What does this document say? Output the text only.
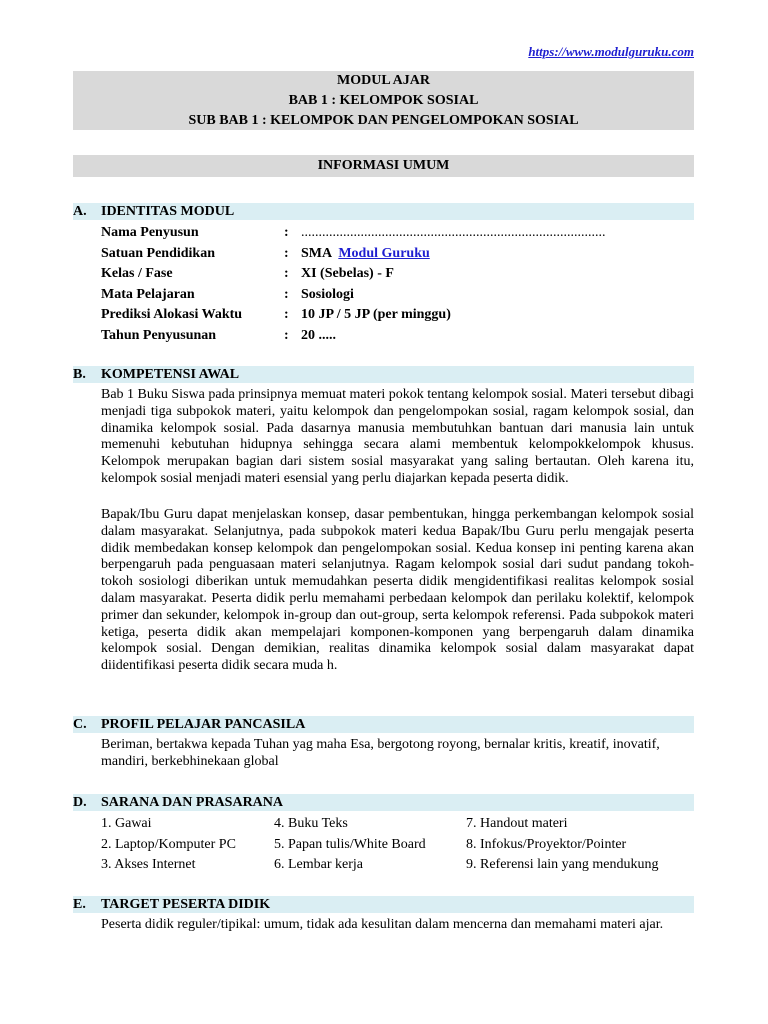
https://www.modulguruku.com
MODUL AJAR
BAB 1 : KELOMPOK SOSIAL
SUB BAB 1 : KELOMPOK DAN PENGELOMPOKAN SOSIAL
INFORMASI UMUM
A. IDENTITAS MODUL
Nama Penyusun	: .......................................................................................
Satuan Pendidikan	: SMA  Modul Guruku
Kelas / Fase	: XI (Sebelas) - F
Mata Pelajaran	: Sosiologi
Prediksi Alokasi Waktu	: 10 JP / 5 JP (per minggu)
Tahun Penyusunan	: 20 .....
B. KOMPETENSI AWAL

Bab 1 Buku Siswa pada prinsipnya memuat materi pokok tentang kelompok sosial. Materi tersebut dibagi menjadi tiga subpokok materi, yaitu kelompok dan pengelompokan sosial, ragam kelompok sosial, dan dinamika kelompok sosial. Pada dasarnya manusia membutuhkan bantuan dari manusia lain untuk memenuhi kebutuhan hidupnya sehingga secara alami membentuk kelompokkelompok khusus. Kelompok merupakan bagian dari sistem sosial masyarakat yang saling bertautan. Oleh karena itu, kelompok sosial menjadi materi esensial yang perlu diajarkan kepada peserta didik.

Bapak/Ibu Guru dapat menjelaskan konsep, dasar pembentukan, hingga perkembangan kelompok sosial dalam masyarakat. Selanjutnya, pada subpokok materi kedua Bapak/Ibu Guru perlu mengajak peserta didik membedakan konsep kelompok dan pengelompokan sosial. Kedua konsep ini penting karena akan berpengaruh pada penguasaan materi selanjutnya. Ragam kelompok sosial dari sudut pandang tokoh-tokoh sosiologi diberikan untuk memudahkan peserta didik mengidentifikasi realitas kelompok sosial dalam masyarakat. Peserta didik perlu memahami perbedaan kelompok dan perilaku kolektif, kelompok primer dan sekunder, kelompok in-group dan out-group, serta kelompok referensi. Pada subpokok materi ketiga, peserta didik akan mempelajari komponen-komponen yang berpengaruh dalam dinamika kelompok sosial. Dengan demikian, realitas dinamika kelompok sosial dalam masyarakat dapat diidentifikasi peserta didik secara muda h.

C. PROFIL PELAJAR PANCASILA

Beriman, bertakwa kepada Tuhan yag maha Esa, bergotong royong, bernalar kritis, kreatif, inovatif, mandiri, berkebhinekaan global

D. SARANA DAN PRASARANA
1. Gawai	4. Buku Teks	7. Handout materi
2. Laptop/Komputer PC	5. Papan tulis/White Board	8. Infokus/Proyektor/Pointer
3. Akses Internet	6. Lembar kerja	9. Referensi lain yang mendukung
E. TARGET PESERTA DIDIK

Peserta didik reguler/tipikal: umum, tidak ada kesulitan dalam mencerna dan memahami materi ajar.
